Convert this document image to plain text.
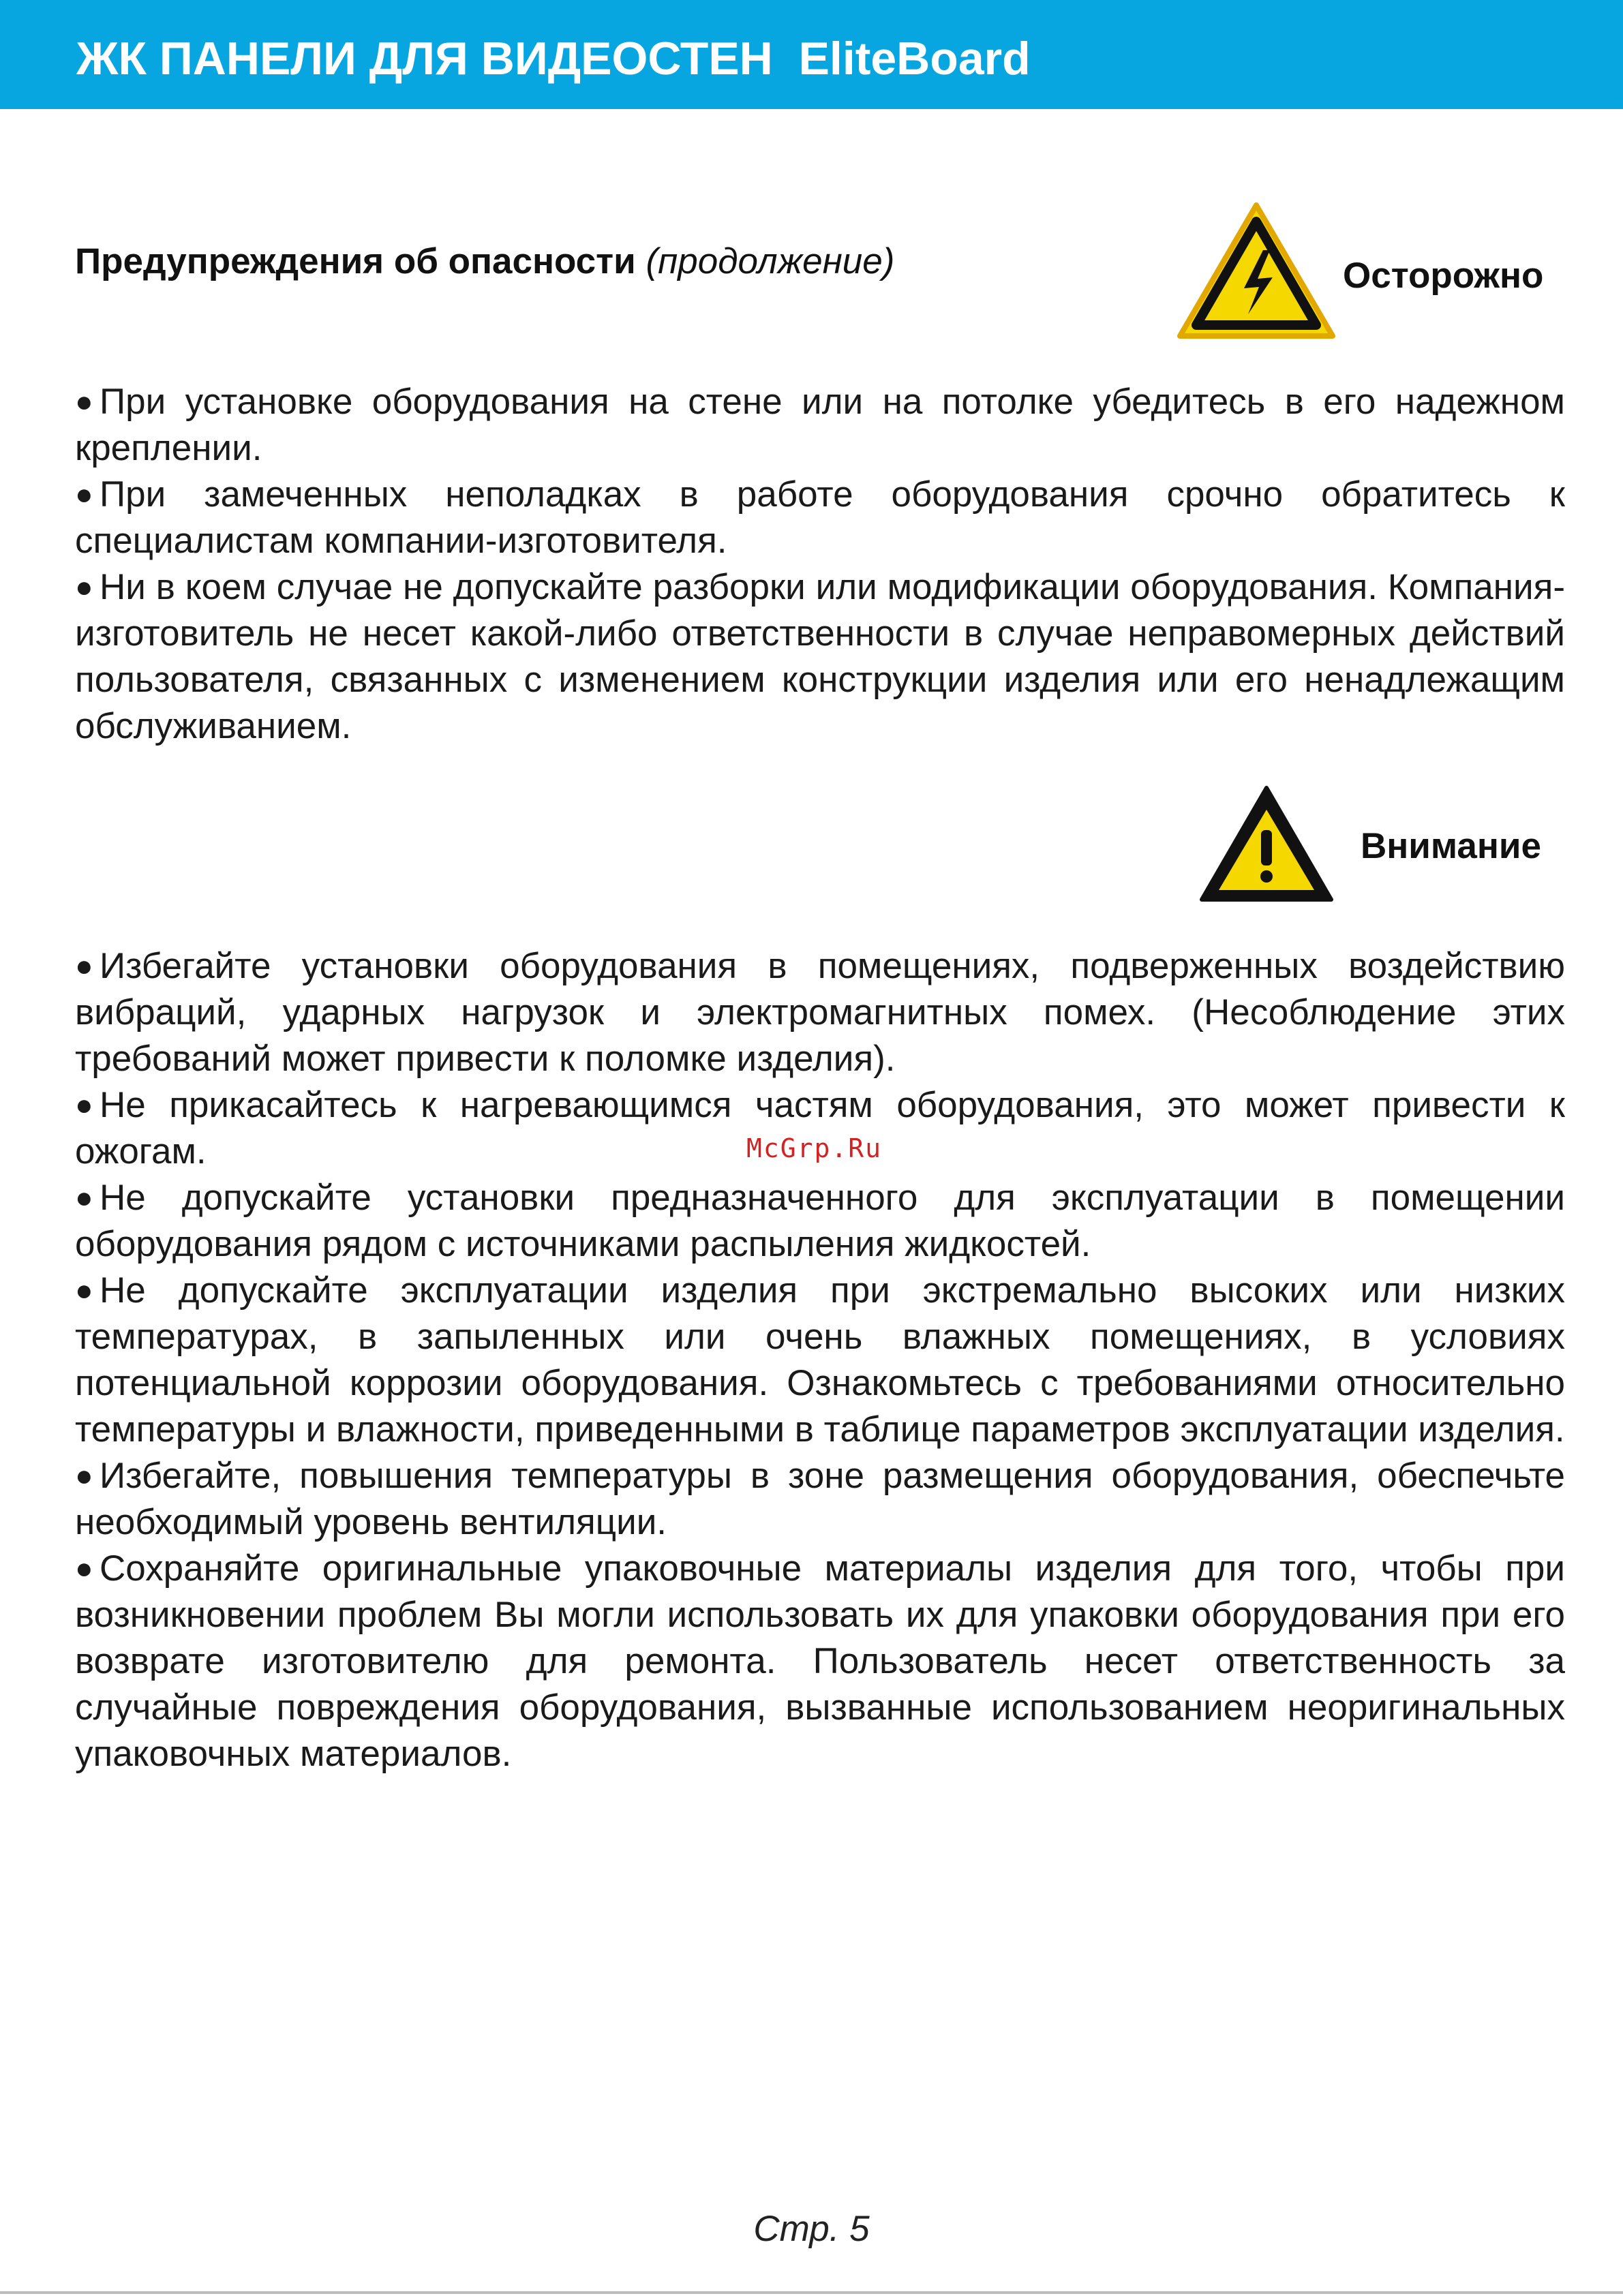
ЖК ПАНЕЛИ ДЛЯ ВИДЕОСТЕН  EliteBoard
Предупреждения об опасности (продолжение)	Осторожно

● При установке оборудования на стене или на потолке убедитесь в его надежном креплении.

● При замеченных неполадках в работе оборудования срочно обратитесь к специалистам компании-изготовителя.

● Ни в коем случае не допускайте разборки или модификации оборудования. Компания-изготовитель не несет какой-либо ответственности в случае неправомерных действий пользователя, связанных с изменением конструкции изделия или его ненадлежащим обслуживанием.

Внимание

● Избегайте установки оборудования в помещениях, подверженных воздействию вибраций, ударных нагрузок и электромагнитных помех. (Несоблюдение этих требований может привести к поломке изделия).

● Не прикасайтесь к нагревающимся частям оборудования, это может привести к ожогам.

● Не допускайте установки предназначенного для эксплуатации в помещении оборудования рядом с источниками распыления жидкостей.

● Не допускайте эксплуатации изделия при экстремально высоких или низких температурах, в запыленных или очень влажных помещениях, в условиях потенциальной коррозии оборудования. Ознакомьтесь с требованиями относительно температуры и влажности, приведенными в таблице параметров эксплуатации изделия.

● Избегайте, повышения температуры в зоне размещения оборудования, обеспечьте необходимый уровень вентиляции.

● Сохраняйте оригинальные упаковочные материалы изделия для того, чтобы при возникновении проблем Вы могли использовать их для упаковки оборудования при его возврате изготовителю для ремонта. Пользователь несет ответственность за случайные повреждения оборудования, вызванные использованием неоригинальных упаковочных материалов.

McGrp.Ru
Стр. 5
